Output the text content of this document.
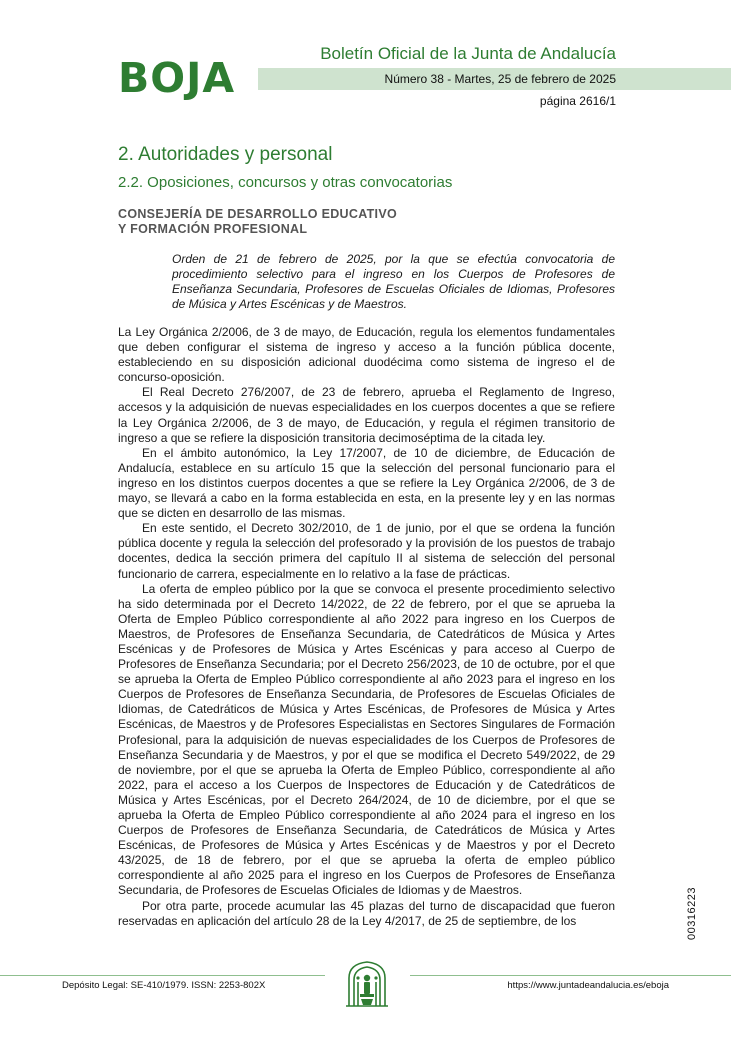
BOJA
Boletín Oficial de la Junta de Andalucía
Número 38 - Martes, 25 de febrero de 2025
página 2616/1
2. Autoridades y personal
2.2. Oposiciones, concursos y otras convocatorias
CONSEJERÍA DE DESARROLLO EDUCATIVO
Y FORMACIÓN PROFESIONAL
Orden de 21 de febrero de 2025, por la que se efectúa convocatoria de procedimiento selectivo para el ingreso en los Cuerpos de Profesores de Enseñanza Secundaria, Profesores de Escuelas Oficiales de Idiomas, Profesores de Música y Artes Escénicas y de Maestros.

La Ley Orgánica 2/2006, de 3 de mayo, de Educación, regula los elementos fundamentales que deben configurar el sistema de ingreso y acceso a la función pública docente, estableciendo en su disposición adicional duodécima como sistema de ingreso el de concurso-oposición.

El Real Decreto 276/2007, de 23 de febrero, aprueba el Reglamento de Ingreso, accesos y la adquisición de nuevas especialidades en los cuerpos docentes a que se refiere la Ley Orgánica 2/2006, de 3 de mayo, de Educación, y regula el régimen transitorio de ingreso a que se refiere la disposición transitoria decimoséptima de la citada ley.

En el ámbito autonómico, la Ley 17/2007, de 10 de diciembre, de Educación de Andalucía, establece en su artículo 15 que la selección del personal funcionario para el ingreso en los distintos cuerpos docentes a que se refiere la Ley Orgánica 2/2006, de 3 de mayo, se llevará a cabo en la forma establecida en esta, en la presente ley y en las normas que se dicten en desarrollo de las mismas.

En este sentido, el Decreto 302/2010, de 1 de junio, por el que se ordena la función pública docente y regula la selección del profesorado y la provisión de los puestos de trabajo docentes, dedica la sección primera del capítulo II al sistema de selección del personal funcionario de carrera, especialmente en lo relativo a la fase de prácticas.

La oferta de empleo público por la que se convoca el presente procedimiento selectivo ha sido determinada por el Decreto 14/2022, de 22 de febrero, por el que se aprueba la Oferta de Empleo Público correspondiente al año 2022 para ingreso en los Cuerpos de Maestros, de Profesores de Enseñanza Secundaria, de Catedráticos de Música y Artes Escénicas y de Profesores de Música y Artes Escénicas y para acceso al Cuerpo de Profesores de Enseñanza Secundaria; por el Decreto 256/2023, de 10 de octubre, por el que se aprueba la Oferta de Empleo Público correspondiente al año 2023 para el ingreso en los Cuerpos de Profesores de Enseñanza Secundaria, de Profesores de Escuelas Oficiales de Idiomas, de Catedráticos de Música y Artes Escénicas, de Profesores de Música y Artes Escénicas, de Maestros y de Profesores Especialistas en Sectores Singulares de Formación Profesional, para la adquisición de nuevas especialidades de los Cuerpos de Profesores de Enseñanza Secundaria y de Maestros, y por el que se modifica el Decreto 549/2022, de 29 de noviembre, por el que se aprueba la Oferta de Empleo Público, correspondiente al año 2022, para el acceso a los Cuerpos de Inspectores de Educación y de Catedráticos de Música y Artes Escénicas, por el Decreto 264/2024, de 10 de diciembre, por el que se aprueba la Oferta de Empleo Público correspondiente al año 2024 para el ingreso en los Cuerpos de Profesores de Enseñanza Secundaria, de Catedráticos de Música y Artes Escénicas, de Profesores de Música y Artes Escénicas y de Maestros y por el Decreto 43/2025, de 18 de febrero, por el que se aprueba la oferta de empleo público correspondiente al año 2025 para el ingreso en los Cuerpos de Profesores de Enseñanza Secundaria, de Profesores de Escuelas Oficiales de Idiomas y de Maestros.

Por otra parte, procede acumular las 45 plazas del turno de discapacidad que fueron reservadas en aplicación del artículo 28 de la Ley 4/2017, de 25 de septiembre, de los	00316223
Depósito Legal: SE-410/1979. ISSN: 2253-802X	https://www.juntadeandalucia.es/eboja
